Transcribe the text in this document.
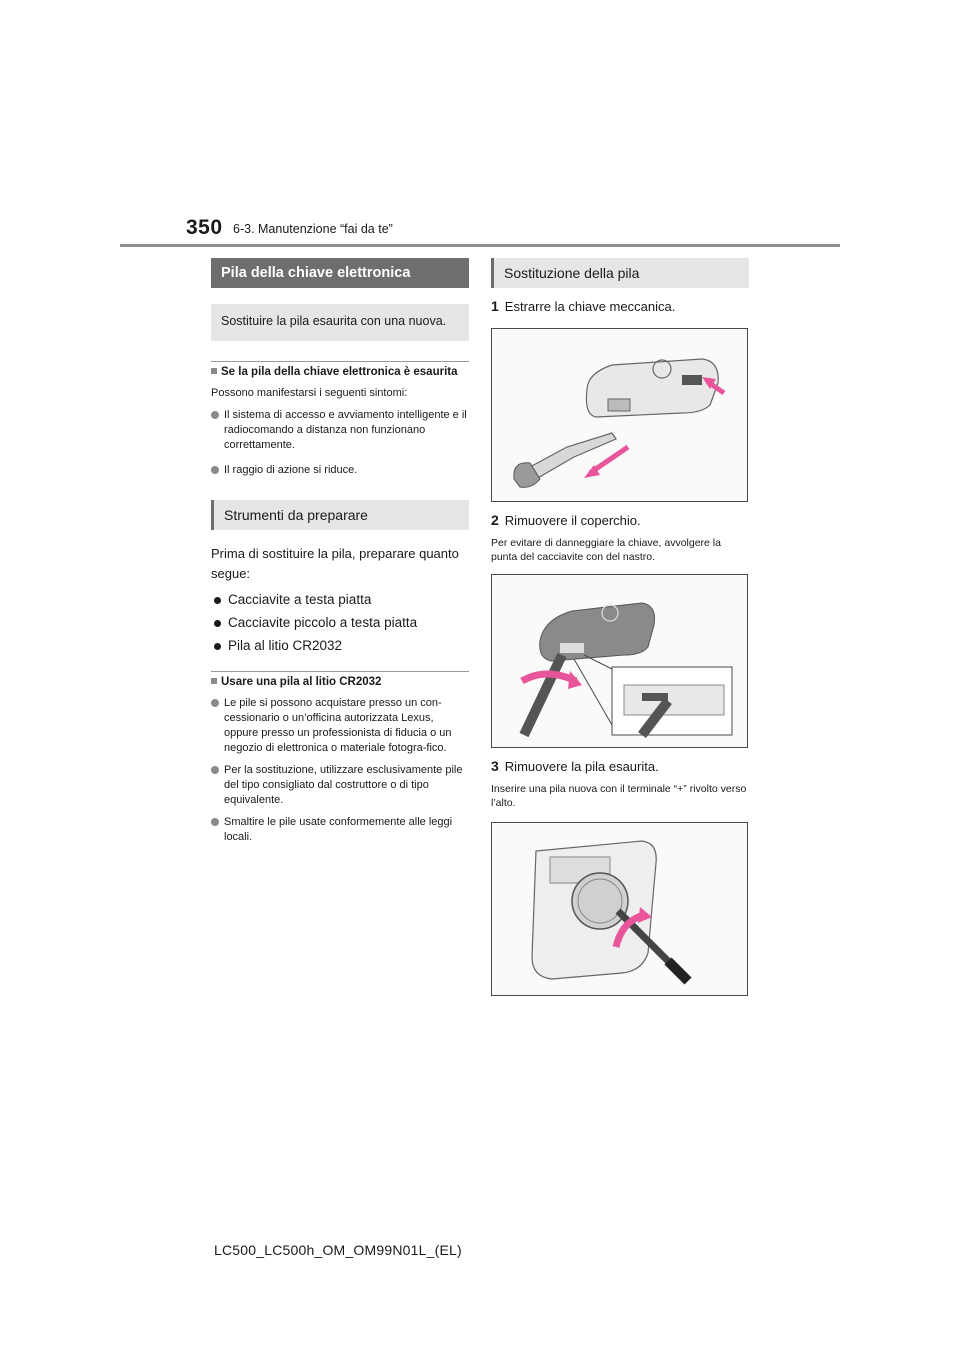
350 6-3. Manutenzione “fai da te”
Pila della chiave elettronica
Sostituire la pila esaurita con una nuova.
Se la pila della chiave elettronica è esaurita
Possono manifestarsi i seguenti sintomi:
Il sistema di accesso e avviamento intelligente e il radiocomando a distanza non funzionano correttamente.
Il raggio di azione si riduce.
Strumenti da preparare
Prima di sostituire la pila, preparare quanto segue:
Cacciavite a testa piatta
Cacciavite piccolo a testa piatta
Pila al litio CR2032
Usare una pila al litio CR2032
Le pile si possono acquistare presso un con-cessionario o un’officina autorizzata Lexus, oppure presso un professionista di fiducia o un negozio di elettronica o materiale fotogra-fico.
Per la sostituzione, utilizzare esclusivamente pile del tipo consigliato dal costruttore o di tipo equivalente.
Smaltire le pile usate conformemente alle leggi locali.
Sostituzione della pila
1 Estrarre la chiave meccanica.
2 Rimuovere il coperchio.
Per evitare di danneggiare la chiave, avvolgere la punta del cacciavite con del nastro.
3 Rimuovere la pila esaurita.
Inserire una pila nuova con il terminale “+” rivolto verso l’alto.
LC500_LC500h_OM_OM99N01L_(EL)
